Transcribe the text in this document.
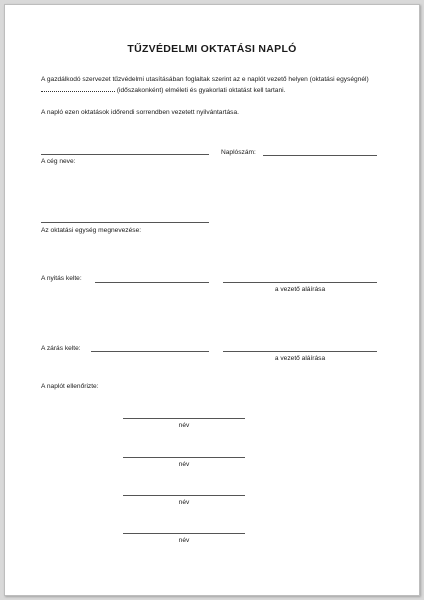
TŰZVÉDELMI OKTATÁSI NAPLÓ
A gazdálkodó szervezet tűzvédelmi utasításában foglaltak szerint az e naplót vezető helyen (oktatási egységnél)  (időszakonként) elméleti és gyakorlati oktatást kell tartani.
A napló ezen oktatások időrendi sorrendben vezetett nyilvántartása.
A cég neve:
Naplószám:
Az oktatási egység megnevezése:
A nyitás kelte:
a vezető aláírása
A zárás kelte:
a vezető aláírása
A naplót ellenőrizte:
név
név
név
név
